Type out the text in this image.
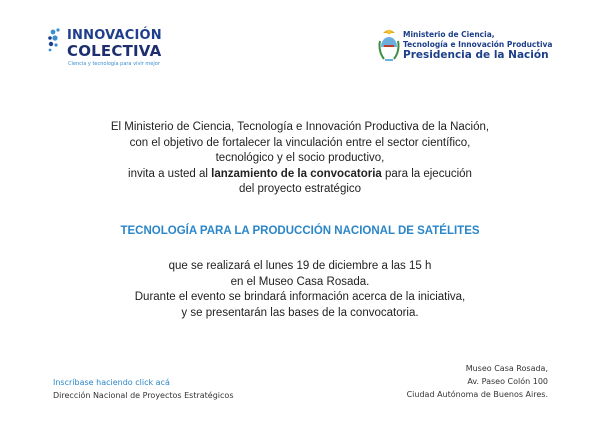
INNOVACIÓN
COLECTIVA
Ciencia y tecnología para vivir mejor
Ministerio de Ciencia,
Tecnología e Innovación Productiva
Presidencia de la Nación
El Ministerio de Ciencia, Tecnología e Innovación Productiva de la Nación,
con el objetivo de fortalecer la vinculación entre el sector científico,
tecnológico y el socio productivo,
invita a usted al lanzamiento de la convocatoria para la ejecución
del proyecto estratégico
TECNOLOGÍA PARA LA PRODUCCIÓN NACIONAL DE SATÉLITES
que se realizará el lunes 19 de diciembre a las 15 h
en el Museo Casa Rosada.
Durante el evento se brindará información acerca de la iniciativa,
y se presentarán las bases de la convocatoria.
Inscríbase haciendo click acá
Dirección Nacional de Proyectos Estratégicos
Museo Casa Rosada,
Av. Paseo Colón 100
Ciudad Autónoma de Buenos Aires.
